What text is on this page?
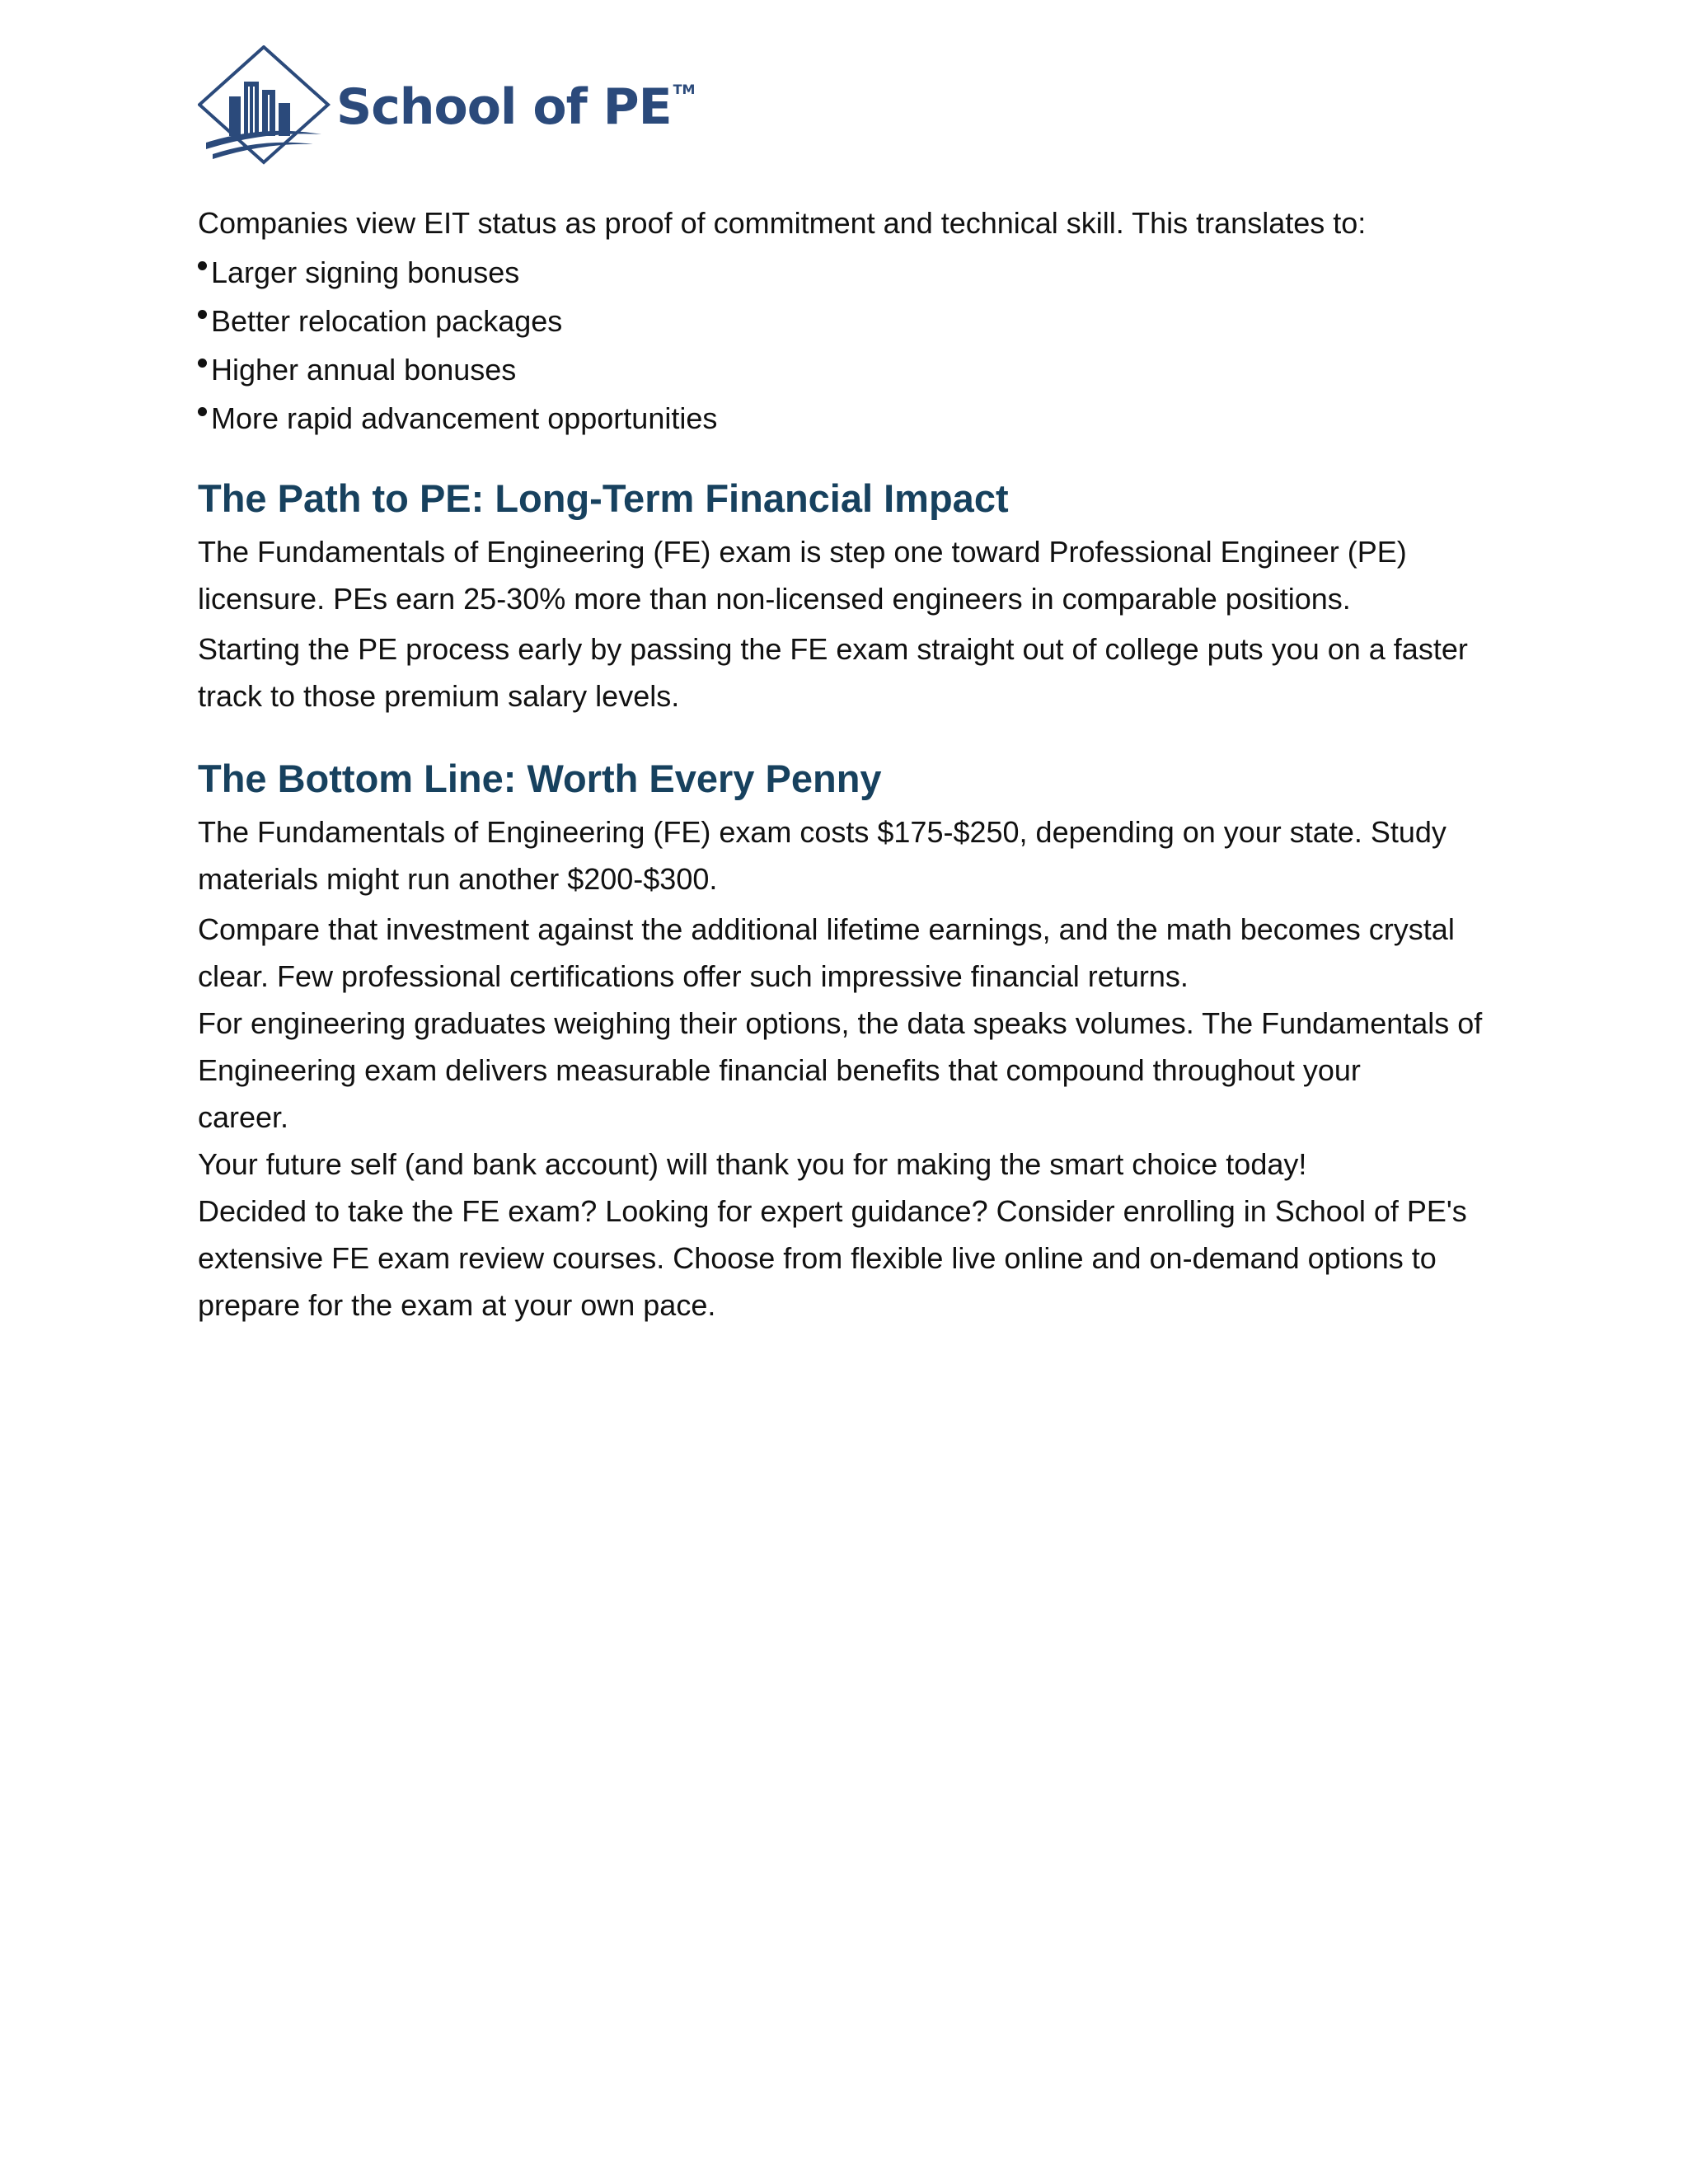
School of PE ™

Companies view EIT status as proof of commitment and technical skill. This translates to:

Larger signing bonuses
Better relocation packages
Higher annual bonuses
More rapid advancement opportunities
The Path to PE: Long-Term Financial Impact

The Fundamentals of Engineering (FE) exam is step one toward Professional Engineer (PE) licensure. PEs earn 25-30% more than non-licensed engineers in comparable positions.

Starting the PE process early by passing the FE exam straight out of college puts you on a faster track to those premium salary levels.

The Bottom Line: Worth Every Penny

The Fundamentals of Engineering (FE) exam costs $175-$250, depending on your state. Study materials might run another $200-$300.

Compare that investment against the additional lifetime earnings, and the math becomes crystal clear. Few professional certifications offer such impressive financial returns.

For engineering graduates weighing their options, the data speaks volumes. The Fundamentals of Engineering exam delivers measurable financial benefits that compound throughout your

career.

Your future self (and bank account) will thank you for making the smart choice today!

Decided to take the FE exam? Looking for expert guidance? Consider enrolling in School of PE's extensive FE exam review courses. Choose from flexible live online and on-demand options to prepare for the exam at your own pace.
